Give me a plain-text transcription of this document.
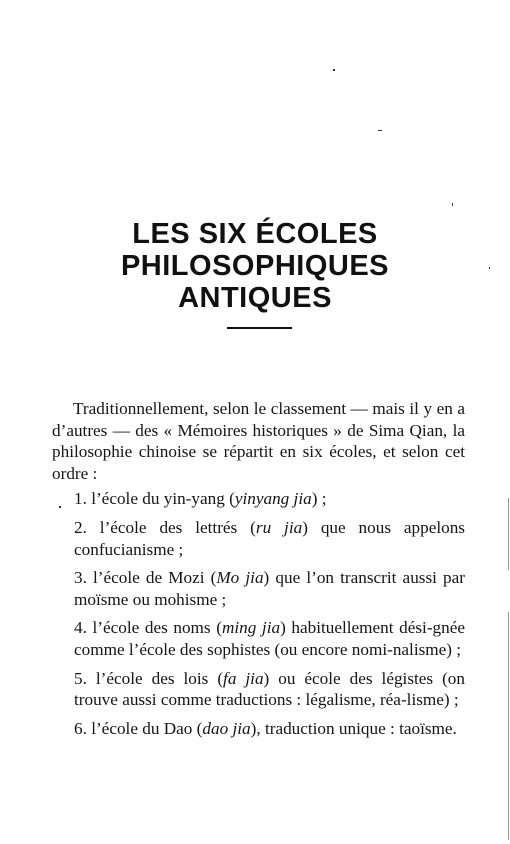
LES SIX ÉCOLES
PHILOSOPHIQUES
ANTIQUES

Traditionnellement, selon le classement — mais il y en a d’autres — des « Mémoires historiques » de Sima Qian, la philosophie chinoise se répartit en six écoles, et selon cet ordre :

1. l’école du yin-yang (yinyang jia) ;
2. l’école des lettrés (ru jia) que nous appelons confucianisme ;
3. l’école de Mozi (Mo jia) que l’on transcrit aussi par moïsme ou mohisme ;
4. l’école des noms (ming jia) habituellement dési-gnée comme l’école des sophistes (ou encore nomi-nalisme) ;
5. l’école des lois (fa jia) ou école des légistes (on trouve aussi comme traductions : légalisme, réa-lisme) ;
6. l’école du Dao (dao jia), traduction unique : taoïsme.
